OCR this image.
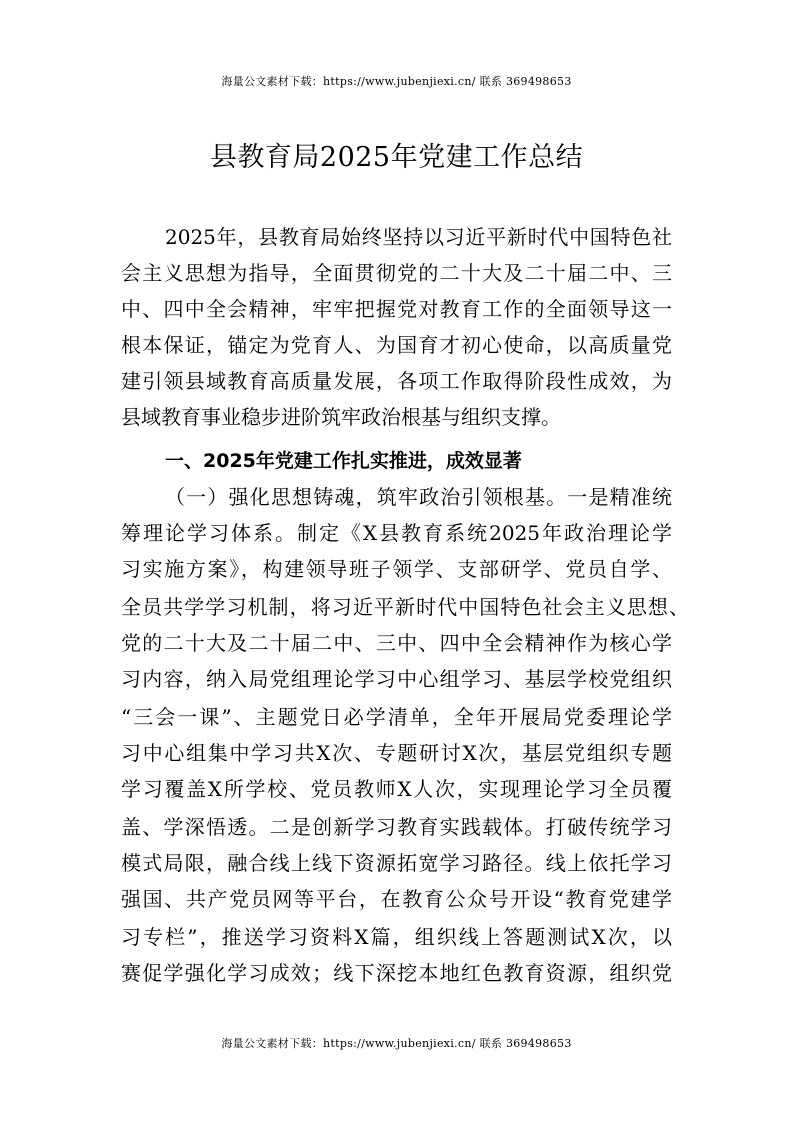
海量公文素材下载：https://www.jubenjiexi.cn/ 联系 369498653
县教育局2025年党建工作总结
2025年，县教育局始终坚持以习近平新时代中国特色社
会主义思想为指导，全面贯彻党的二十大及二十届二中、三
中、四中全会精神，牢牢把握党对教育工作的全面领导这一
根本保证，锚定为党育人、为国育才初心使命，以高质量党
建引领县域教育高质量发展，各项工作取得阶段性成效，为
县域教育事业稳步进阶筑牢政治根基与组织支撑。
一、2025年党建工作扎实推进，成效显著
（一）强化思想铸魂，筑牢政治引领根基。一是精准统
筹理论学习体系。制定《X县教育系统2025年政治理论学
习实施方案》，构建领导班子领学、支部研学、党员自学、
全员共学学习机制，将习近平新时代中国特色社会主义思想、
党的二十大及二十届二中、三中、四中全会精神作为核心学
习内容，纳入局党组理论学习中心组学习、基层学校党组织
“三会一课”、主题党日必学清单，全年开展局党委理论学
习中心组集中学习共X次、专题研讨X次，基层党组织专题
学习覆盖X所学校、党员教师X人次，实现理论学习全员覆
盖、学深悟透。二是创新学习教育实践载体。打破传统学习
模式局限，融合线上线下资源拓宽学习路径。线上依托学习
强国、共产党员网等平台，在教育公众号开设“教育党建学
习专栏”，推送学习资料X篇，组织线上答题测试X次，以
赛促学强化学习成效；线下深挖本地红色教育资源，组织党
海量公文素材下载：https://www.jubenjiexi.cn/ 联系 369498653
